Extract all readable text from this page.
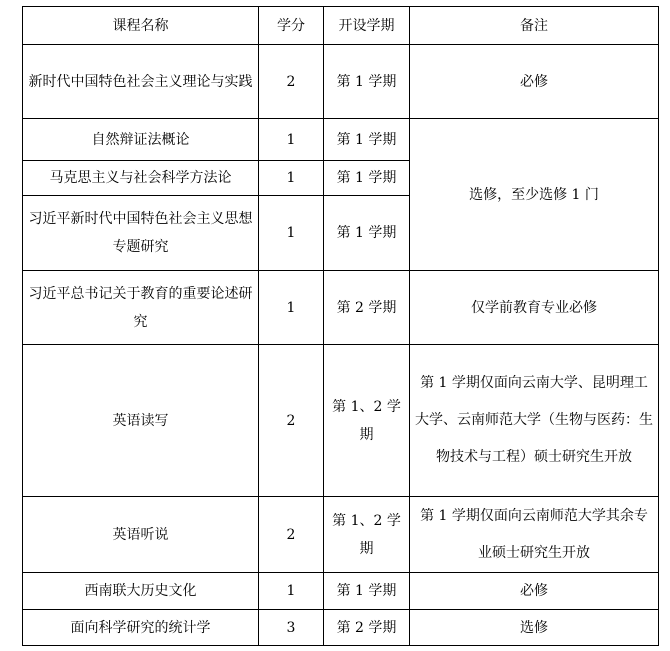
课程名称	学分	开设学期	备注
新时代中国特色社会主义理论与实践	2	第 1 学期	必修
自然辩证法概论	1	第 1 学期	选修，至少选修 1 门
马克思主义与社会科学方法论	1	第 1 学期	
习近平新时代中国特色社会主义思想专题研究	1	第 1 学期	
习近平总书记关于教育的重要论述研究	1	第 2 学期	仅学前教育专业必修
英语读写	2	第 1、2 学期	第 1 学期仅面向云南大学、昆明理工大学、云南师范大学（生物与医药：生物技术与工程）硕士研究生开放
英语听说	2	第 1、2 学期	第 1 学期仅面向云南师范大学其余专业硕士研究生开放
西南联大历史文化	1	第 1 学期	必修
面向科学研究的统计学	3	第 2 学期	选修
